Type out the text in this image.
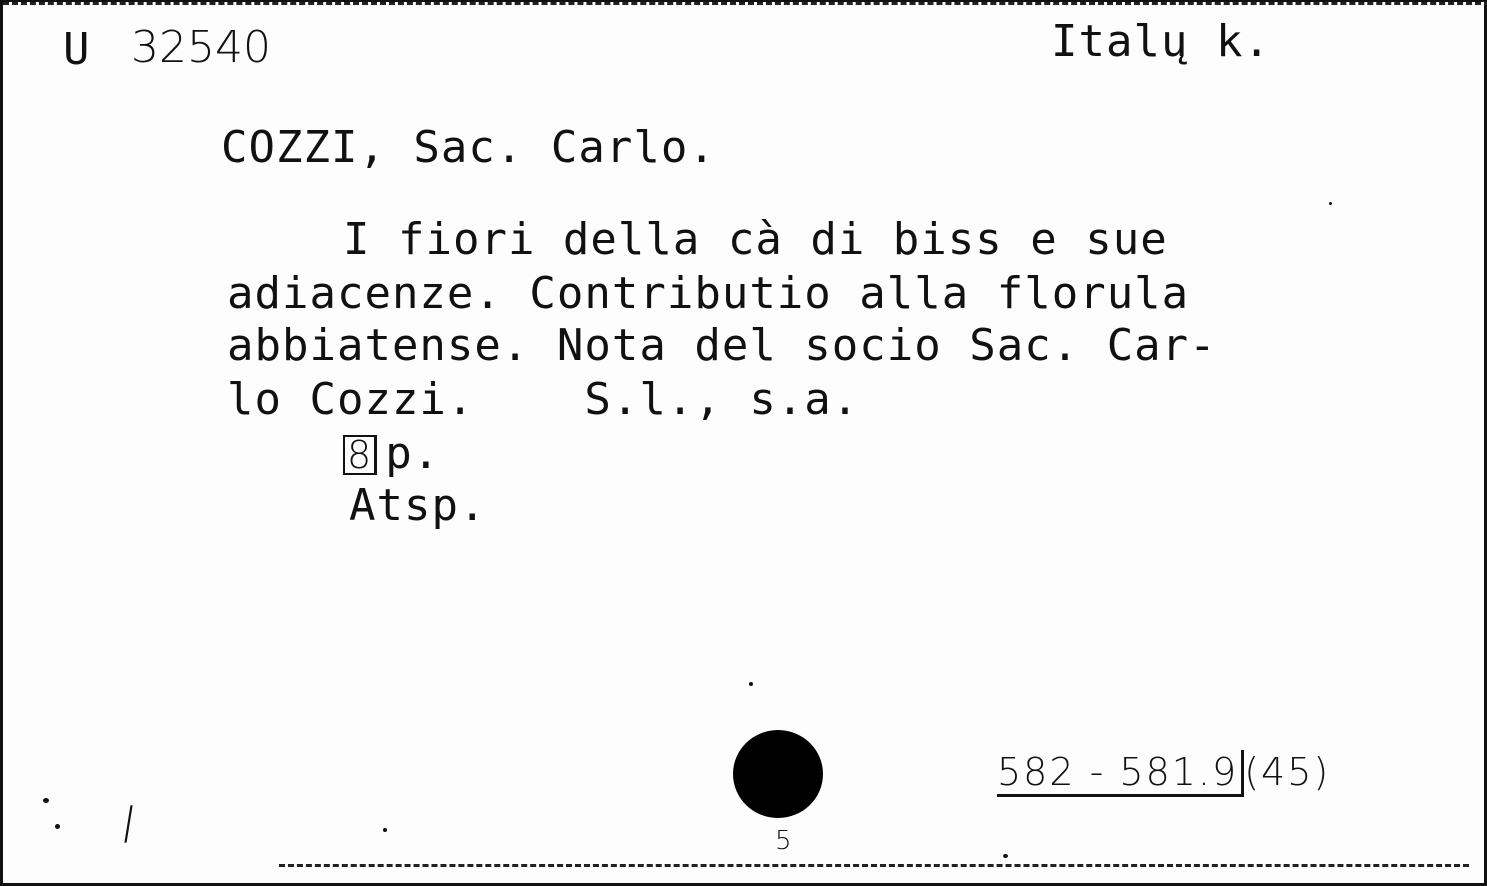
U 32540	Italų k.
COZZI, Sac. Carlo.
I fiori della cà di biss e sue
adiacenze. Contributio alla florula
abbiatense. Nota del socio Sac. Car-
lo Cozzi.    S.l., s.a.
8 p.
Atsp.
582 - 581.9 (45)
/	5
